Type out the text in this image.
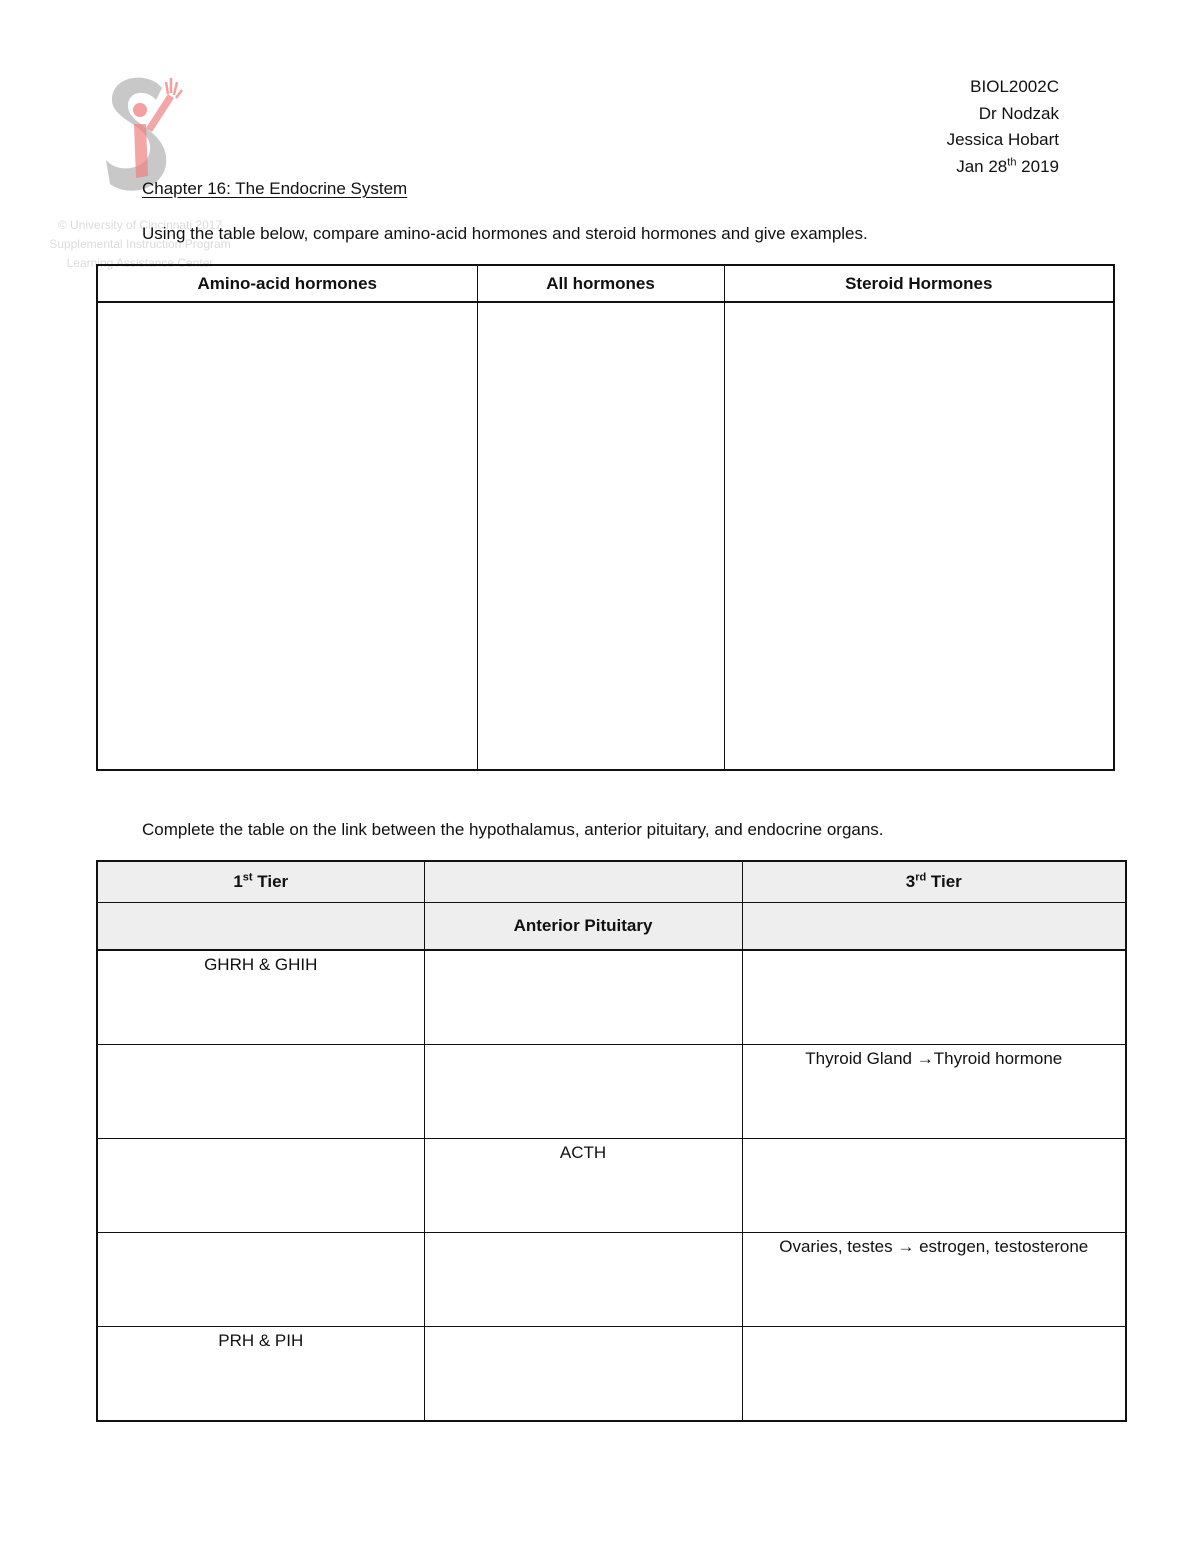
© University of Cincinnati 2017
Supplemental Instruction Program
Learning Assistance Center
BIOL2002C
Dr Nodzak
Jessica Hobart
Jan 28th 2019
Chapter 16: The Endocrine System
Using the table below, compare amino-acid hormones and steroid hormones and give examples.
Amino-acid hormones	All hormones	Steroid Hormones

Complete the table on the link between the hypothalamus, anterior pituitary, and endocrine organs.
1st Tier		3rd Tier
	Anterior Pituitary	
GHRH & GHIH		
		Thyroid Gland →Thyroid hormone
	ACTH	
		Ovaries, testes → estrogen, testosterone
PRH & PIH		
